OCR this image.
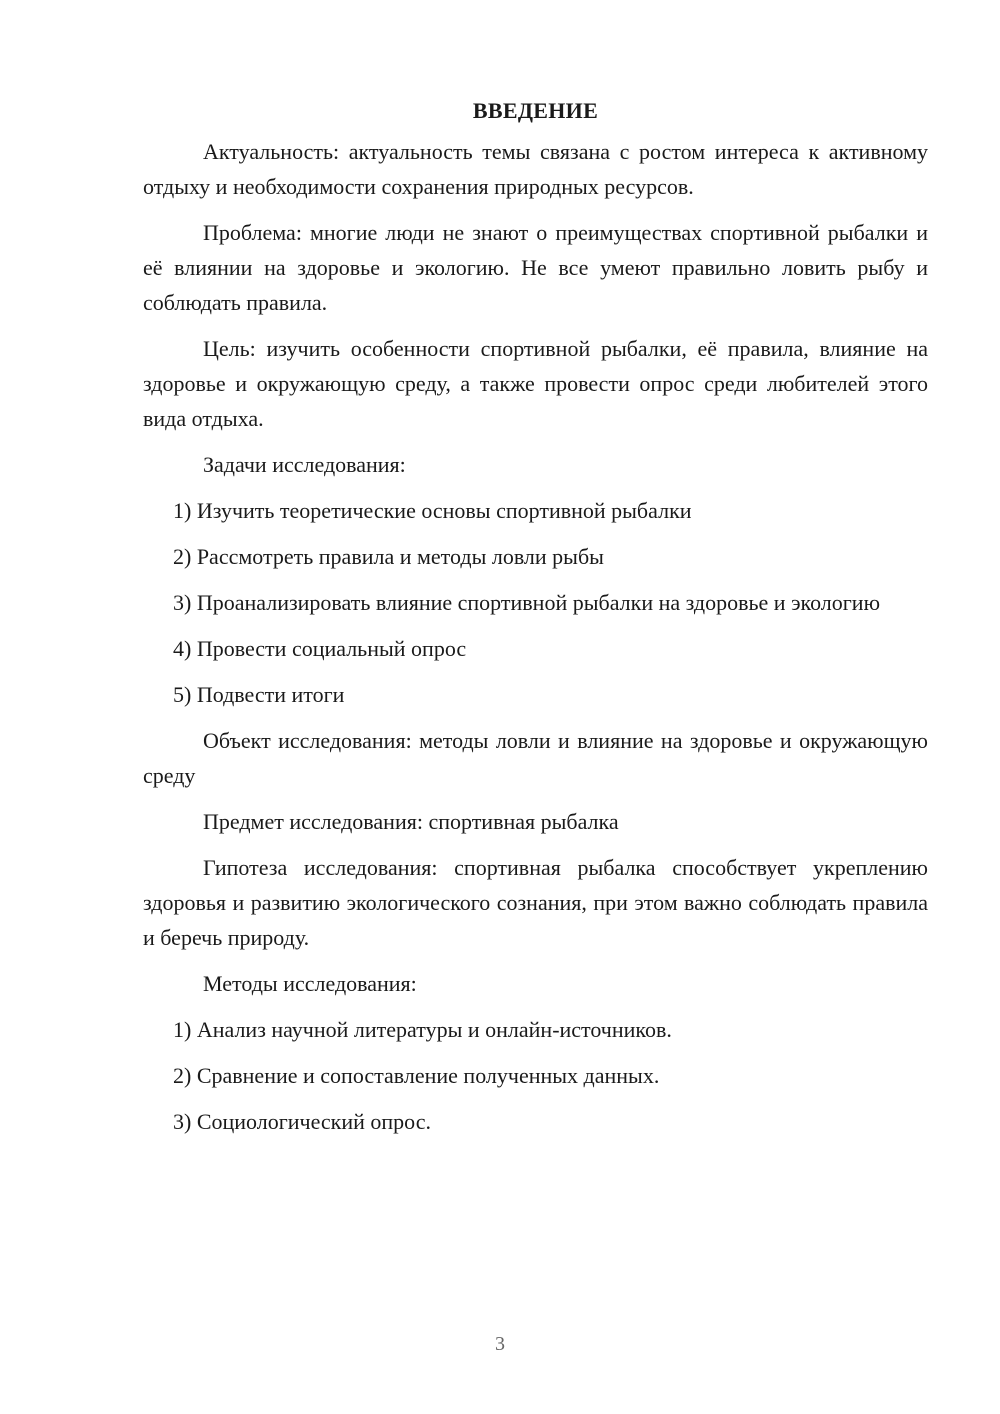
ВВЕДЕНИЕ

Актуальность: актуальность темы связана с ростом интереса к активному отдыху и необходимости сохранения природных ресурсов.

Проблема: многие люди не знают о преимуществах спортивной рыбалки и её влиянии на здоровье и экологию. Не все умеют правильно ловить рыбу и соблюдать правила.

Цель: изучить особенности спортивной рыбалки, её правила, влияние на здоровье и окружающую среду, а также провести опрос среди любителей этого вида отдыха.

Задачи исследования:

1) Изучить теоретические основы спортивной рыбалки

2) Рассмотреть правила и методы ловли рыбы

3) Проанализировать влияние спортивной рыбалки на здоровье и экологию

4) Провести социальный опрос

5) Подвести итоги

Объект исследования: методы ловли и влияние на здоровье и окружающую среду

Предмет исследования: спортивная рыбалка

Гипотеза исследования: спортивная рыбалка способствует укреплению здоровья и развитию экологического сознания, при этом важно соблюдать правила и беречь природу.

Методы исследования:

1) Анализ научной литературы и онлайн-источников.

2) Сравнение и сопоставление полученных данных.

3) Социологический опрос.

3
